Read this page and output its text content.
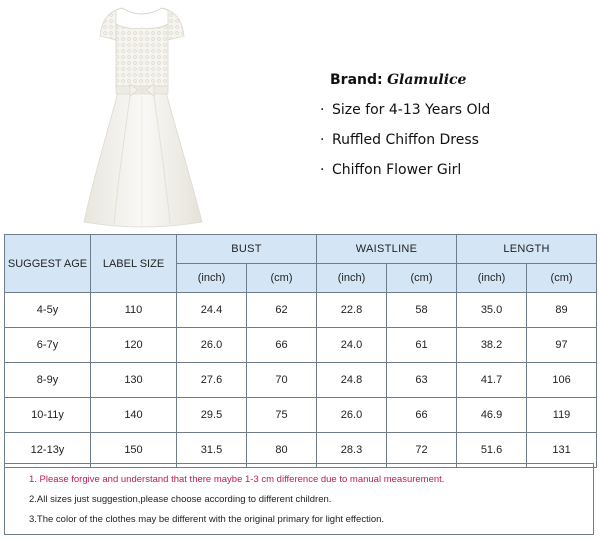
Brand: Glamulice
· Size for 4-13 Years Old
· Ruffled Chiffon Dress
· Chiffon Flower Girl
SUGGEST AGE	LABEL SIZE	BUST		WAISTLINE		LENGTH	
		(inch)	(cm)	(inch)	(cm)	(inch)	(cm)
4-5y	110	24.4	62	22.8	58	35.0	89
6-7y	120	26.0	66	24.0	61	38.2	97
8-9y	130	27.6	70	24.8	63	41.7	106
10-11y	140	29.5	75	26.0	66	46.9	119
12-13y	150	31.5	80	28.3	72	51.6	131
1. Please forgive and understand that there maybe 1-3 cm difference due to manual measurement.
2.All sizes just suggestion,please choose according to different children.
3.The color of the clothes may be different with the original primary for light effection.
